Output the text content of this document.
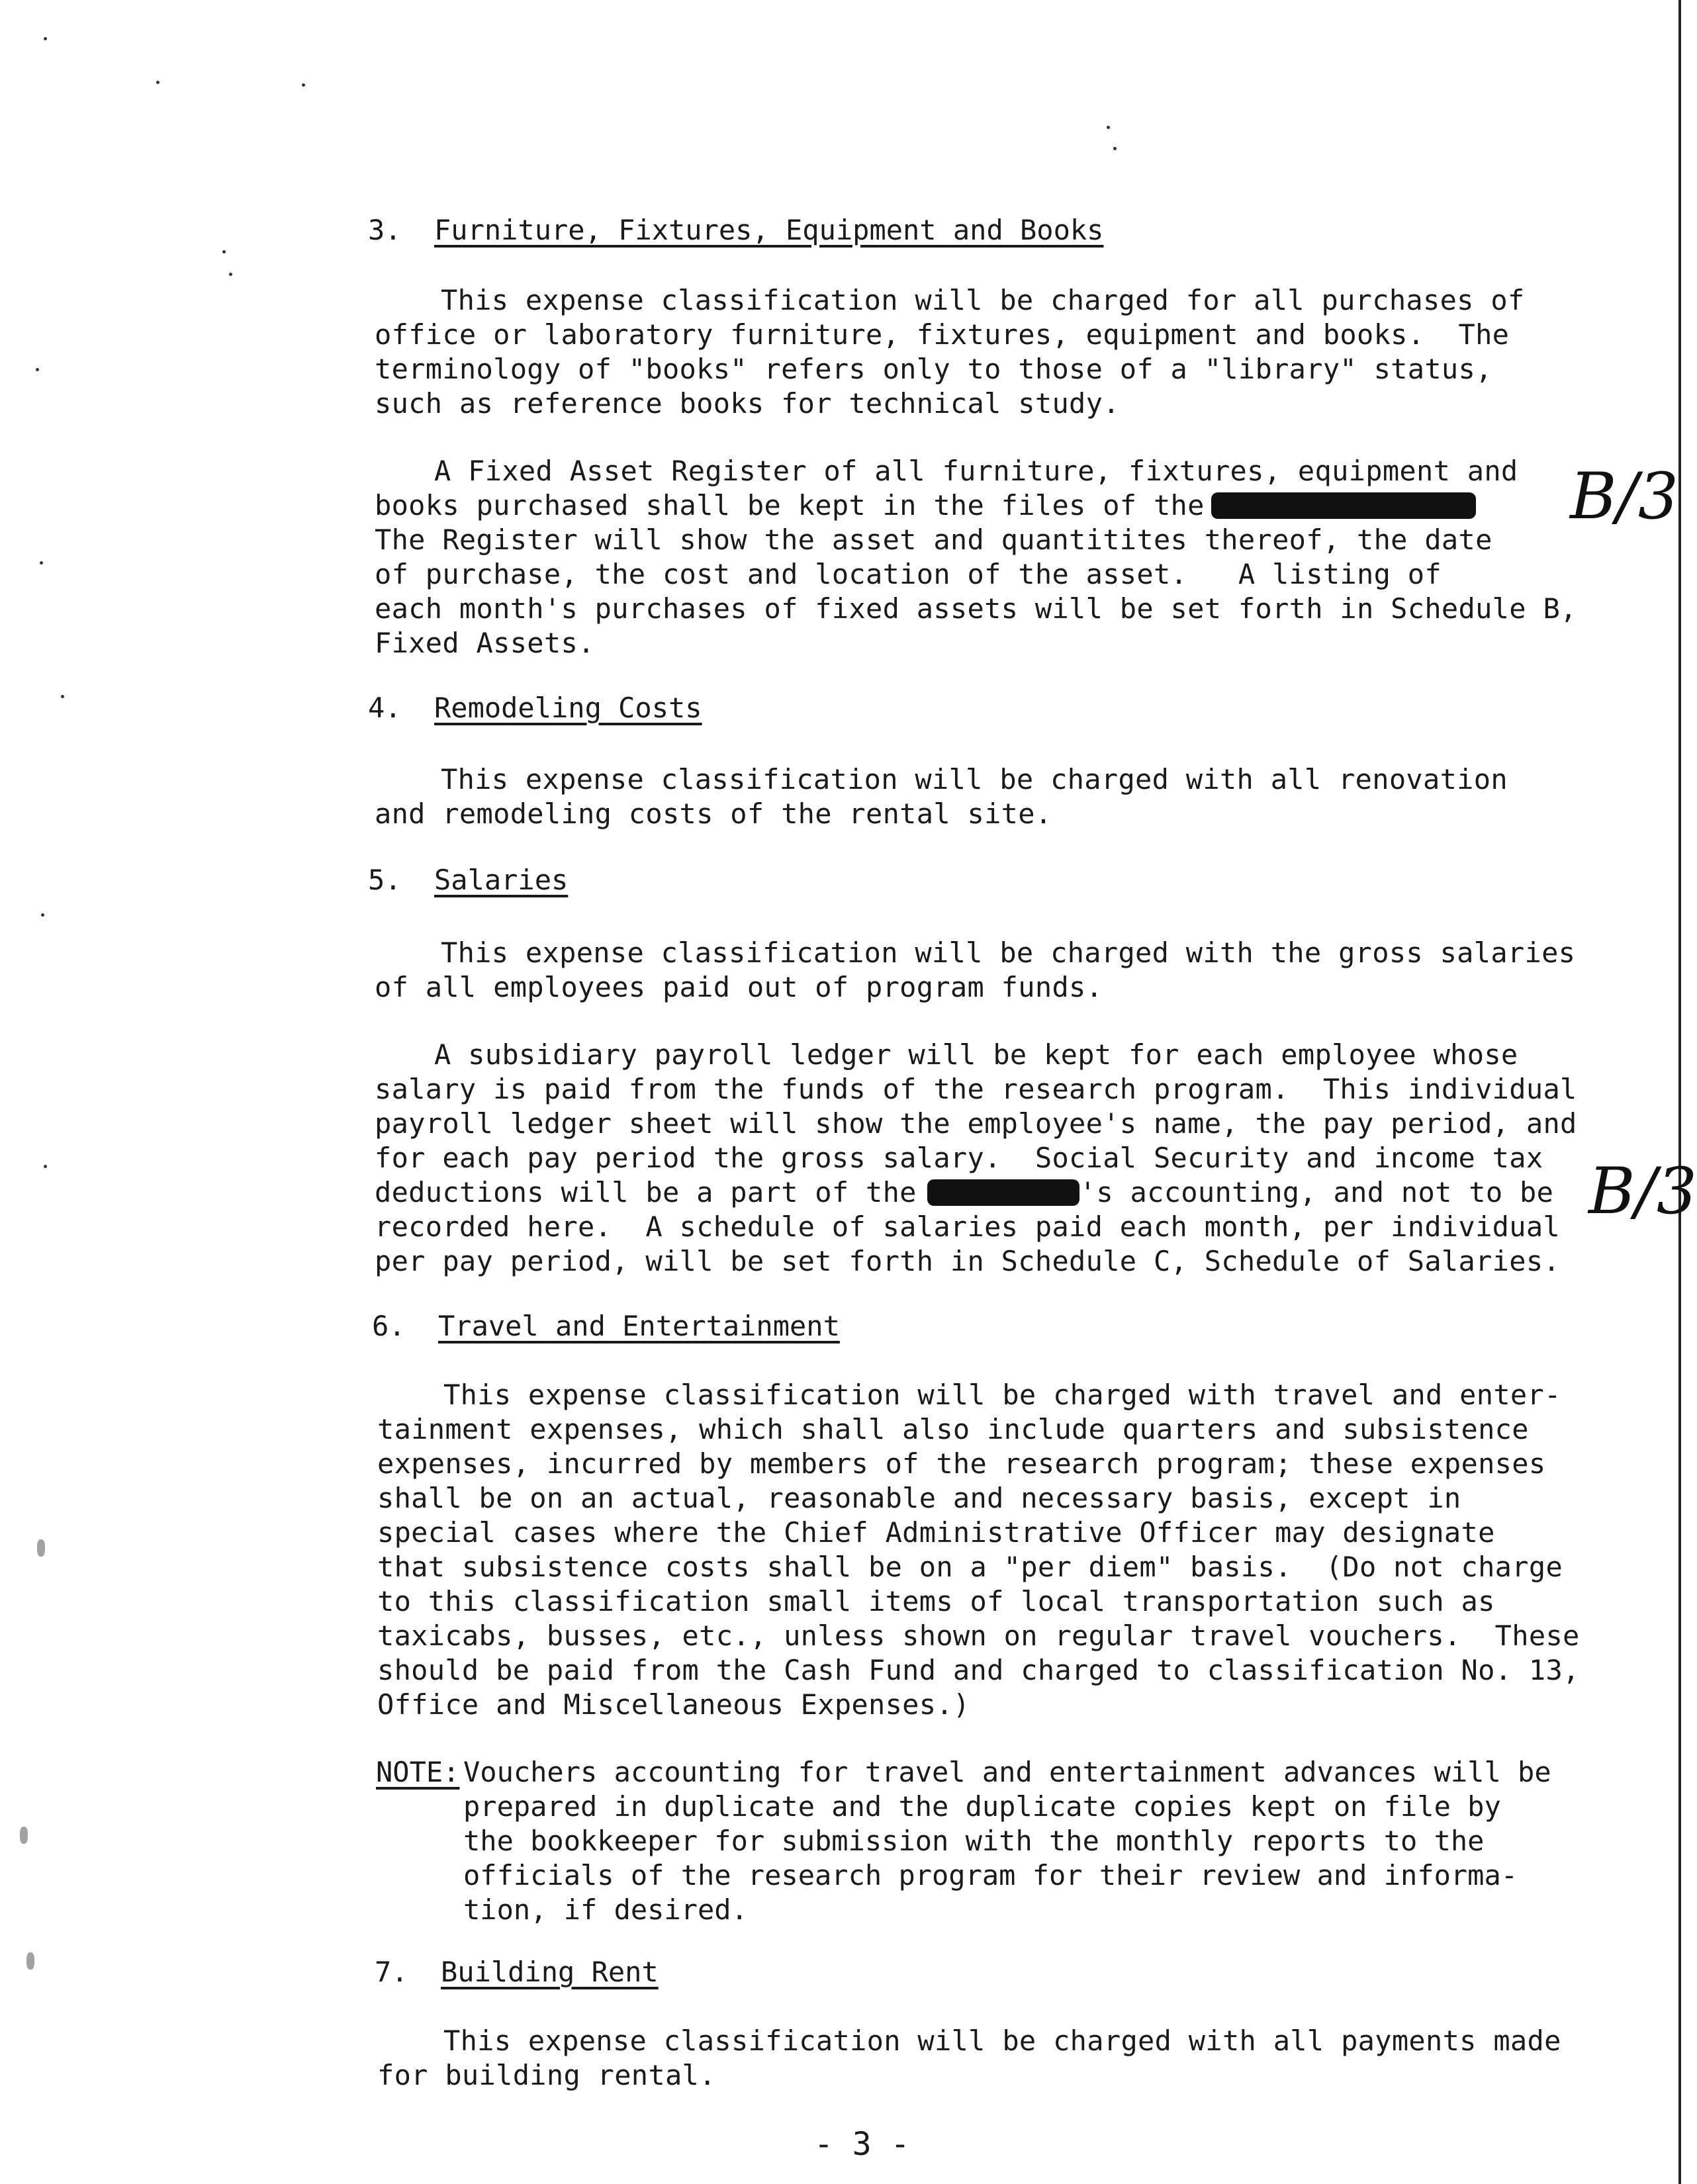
3. Furniture, Fixtures, Equipment and Books
This expense classification will be charged for all purchases of
office or laboratory furniture, fixtures, equipment and books.  The
terminology of "books" refers only to those of a "library" status,
such as reference books for technical study.
A Fixed Asset Register of all furniture, fixtures, equipment and
books purchased shall be kept in the files of the
The Register will show the asset and quantitites thereof, the date
of purchase, the cost and location of the asset.   A listing of
each month's purchases of fixed assets will be set forth in Schedule B,
Fixed Assets.
4. Remodeling Costs
This expense classification will be charged with all renovation
and remodeling costs of the rental site.
5. Salaries
This expense classification will be charged with the gross salaries
of all employees paid out of program funds.
A subsidiary payroll ledger will be kept for each employee whose
salary is paid from the funds of the research program.  This individual
payroll ledger sheet will show the employee's name, the pay period, and
for each pay period the gross salary.  Social Security and income tax
deductions will be a part of the	's accounting, and not to be
recorded here.  A schedule of salaries paid each month, per individual
per pay period, will be set forth in Schedule C, Schedule of Salaries.
6. Travel and Entertainment
This expense classification will be charged with travel and enter-
tainment expenses, which shall also include quarters and subsistence
expenses, incurred by members of the research program; these expenses
shall be on an actual, reasonable and necessary basis, except in
special cases where the Chief Administrative Officer may designate
that subsistence costs shall be on a "per diem" basis.  (Do not charge
to this classification small items of local transportation such as
taxicabs, busses, etc., unless shown on regular travel vouchers.  These
should be paid from the Cash Fund and charged to classification No. 13,
Office and Miscellaneous Expenses.)
NOTE: Vouchers accounting for travel and entertainment advances will be
prepared in duplicate and the duplicate copies kept on file by
the bookkeeper for submission with the monthly reports to the
officials of the research program for their review and informa-
tion, if desired.
7. Building Rent
This expense classification will be charged with all payments made
for building rental.
B/3
B/3
- 3 -
